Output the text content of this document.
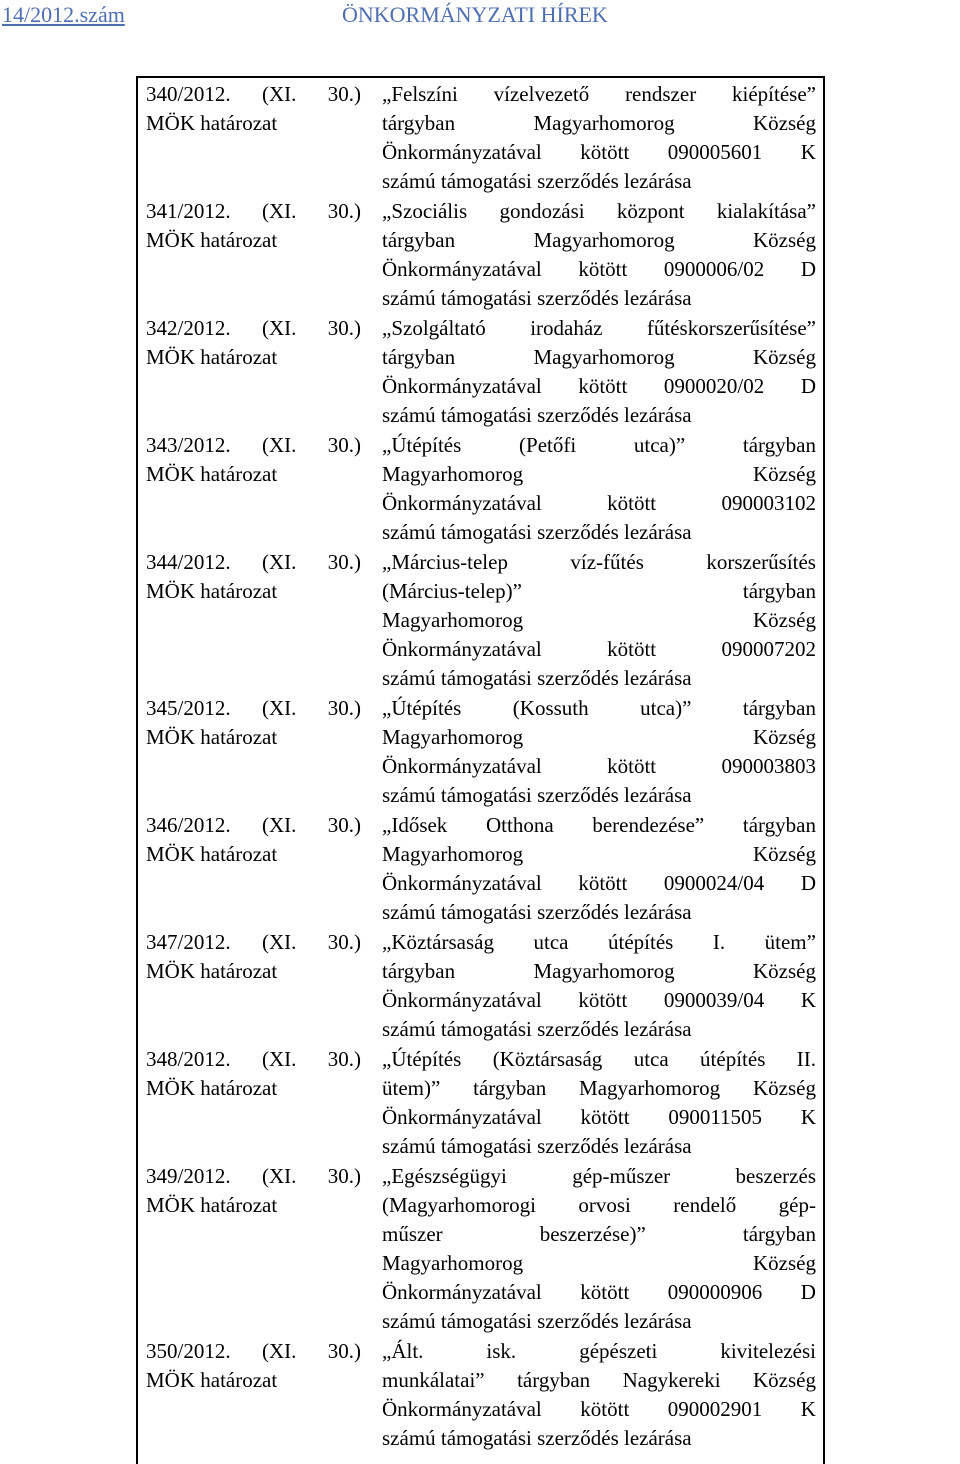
14/2012.szám	ÖNKORMÁNYZATI HÍREK
340/2012. (XI. 30.)
MÖK határozat
„Felszíni vízelvezető rendszer kiépítése”
tárgyban	Magyarhomorog	Község
Önkormányzatával kötött 090005601 K
számú támogatási szerződés lezárása
341/2012. (XI. 30.)
MÖK határozat
„Szociális gondozási központ kialakítása”
tárgyban	Magyarhomorog	Község
Önkormányzatával kötött 0900006/02 D
számú támogatási szerződés lezárása
342/2012. (XI. 30.)
MÖK határozat
„Szolgáltató irodaház fűtéskorszerűsítése”
tárgyban	Magyarhomorog	Község
Önkormányzatával kötött 0900020/02 D
számú támogatási szerződés lezárása
343/2012. (XI. 30.)
MÖK határozat
„Útépítés	(Petőfi	utca)”	tárgyban
Magyarhomorog	Község
Önkormányzatával	kötött	090003102
számú támogatási szerződés lezárása
344/2012. (XI. 30.)
MÖK határozat
„Március-telep	víz-fűtés	korszerűsítés
(Március-telep)”	tárgyban
Magyarhomorog	Község
Önkormányzatával	kötött	090007202
számú támogatási szerződés lezárása
345/2012. (XI. 30.)
MÖK határozat
„Útépítés (Kossuth utca)” tárgyban
Magyarhomorog	Község
Önkormányzatával	kötött	090003803
számú támogatási szerződés lezárása
346/2012. (XI. 30.)
MÖK határozat
„Idősek Otthona berendezése” tárgyban
Magyarhomorog	Község
Önkormányzatával kötött 0900024/04 D
számú támogatási szerződés lezárása
347/2012. (XI. 30.)
MÖK határozat
„Köztársaság utca útépítés I. ütem”
tárgyban	Magyarhomorog	Község
Önkormányzatával kötött 0900039/04 K
számú támogatási szerződés lezárása
348/2012. (XI. 30.)
MÖK határozat
„Útépítés (Köztársaság utca útépítés II.
ütem)” tárgyban Magyarhomorog Község
Önkormányzatával kötött 090011505 K
számú támogatási szerződés lezárása
349/2012. (XI. 30.)
MÖK határozat
„Egészségügyi	gép-műszer	beszerzés
(Magyarhomorogi orvosi rendelő gép-
műszer	beszerzése)”	tárgyban
Magyarhomorog	Község
Önkormányzatával kötött 090000906 D
számú támogatási szerződés lezárása
350/2012. (XI. 30.)
MÖK határozat
„Ált.	isk.	gépészeti	kivitelezési
munkálatai” tárgyban Nagykereki Község
Önkormányzatával kötött 090002901 K
számú támogatási szerződés lezárása
